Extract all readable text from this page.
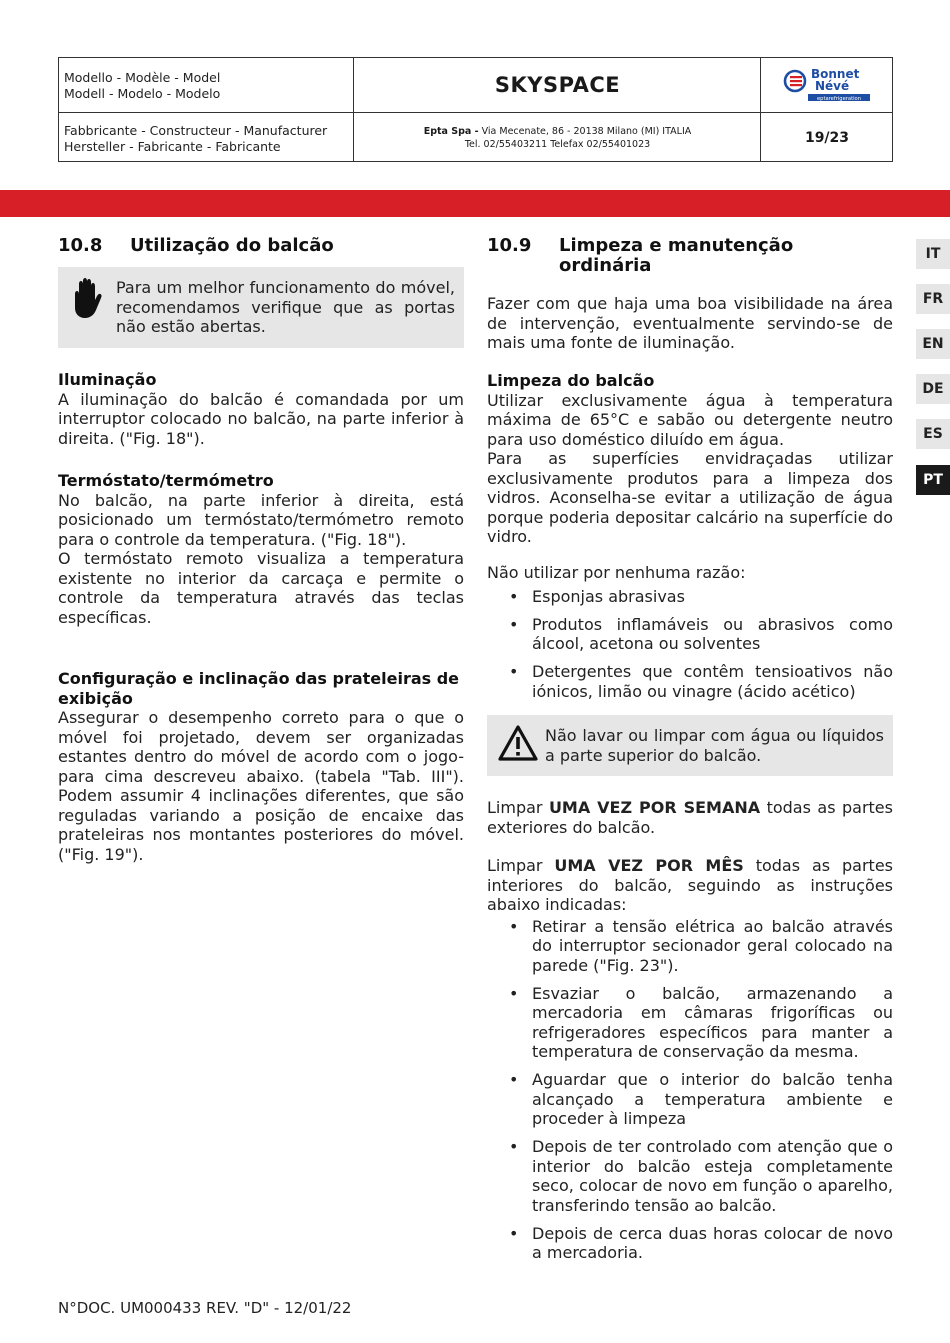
Modello - Modèle - Model
Modell - Modelo - Modelo
Fabbricante - Constructeur - Manufacturer
Hersteller - Fabricante - Fabricante
SKYSPACE
Epta Spa - Via Mecenate, 86 - 20138 Milano (MI) ITALIA
Tel. 02/55403211 Telefax 02/55401023	19/23
Bonnet
Névé
eptarefrigeration
IT
FR
EN
DE
ES
PT
10.8 Utilização do balcão
Para um melhor funcionamento do móvel, recomendamos verifique que as portas não estão abertas.
Iluminação
A iluminação do balcão é comandada por um interruptor colocado no balcão, na parte inferior à direita. ("Fig. 18").
Termóstato/termómetro
No balcão, na parte inferior à direita, está posicionado um termóstato/termómetro remoto para o controle da temperatura. ("Fig. 18").
O termóstato remoto visualiza a temperatura existente no interior da carcaça e permite o controle da temperatura através das teclas específicas.
Configuração e inclinação das prateleiras de exibição
Assegurar o desempenho correto para o que o móvel foi projetado, devem ser organizadas estantes dentro do móvel de acordo com o jogo-para cima descreveu abaixo. (tabela "Tab. III"). Podem assumir 4 inclinações diferentes, que são reguladas variando a posição de encaixe das prateleiras nos montantes posteriores do móvel. ("Fig. 19").
10.9 Limpeza e manutenção
ordinária
Fazer com que haja uma boa visibilidade na área de intervenção, eventualmente servindo-se de mais uma fonte de iluminação.
Limpeza do balcão
Utilizar exclusivamente água à temperatura máxima de 65°C e sabão ou detergente neutro para uso doméstico diluído em água.
Para as superfícies envidraçadas utilizar exclusivamente produtos para a limpeza dos vidros. Aconselha-se evitar a utilização de água porque poderia depositar calcário na superfície do vidro.
Não utilizar por nenhuma razão:
• Esponjas abrasivas
• Produtos inflamáveis ou abrasivos como álcool, acetona ou solventes
• Detergentes que contêm tensioativos não iónicos, limão ou vinagre (ácido acético)
Não lavar ou limpar com água ou líquidos a parte superior do balcão.
Limpar UMA VEZ POR SEMANA todas as partes exteriores do balcão.
Limpar UMA VEZ POR MÊS todas as partes interiores do balcão, seguindo as instruções abaixo indicadas:
• Retirar a tensão elétrica ao balcão através do interruptor secionador geral colocado na parede ("Fig. 23").
• Esvaziar o balcão, armazenando a mercadoria em câmaras frigoríficas ou refrigeradores específicos para manter a temperatura de conservação da mesma.
• Aguardar que o interior do balcão tenha alcançado a temperatura ambiente e proceder à limpeza
• Depois de ter controlado com atenção que o interior do balcão esteja completamente seco, colocar de novo em função o aparelho, transferindo tensão ao balcão.
• Depois de cerca duas horas colocar de novo a mercadoria.
N°DOC. UM000433 REV. "D" - 12/01/22
